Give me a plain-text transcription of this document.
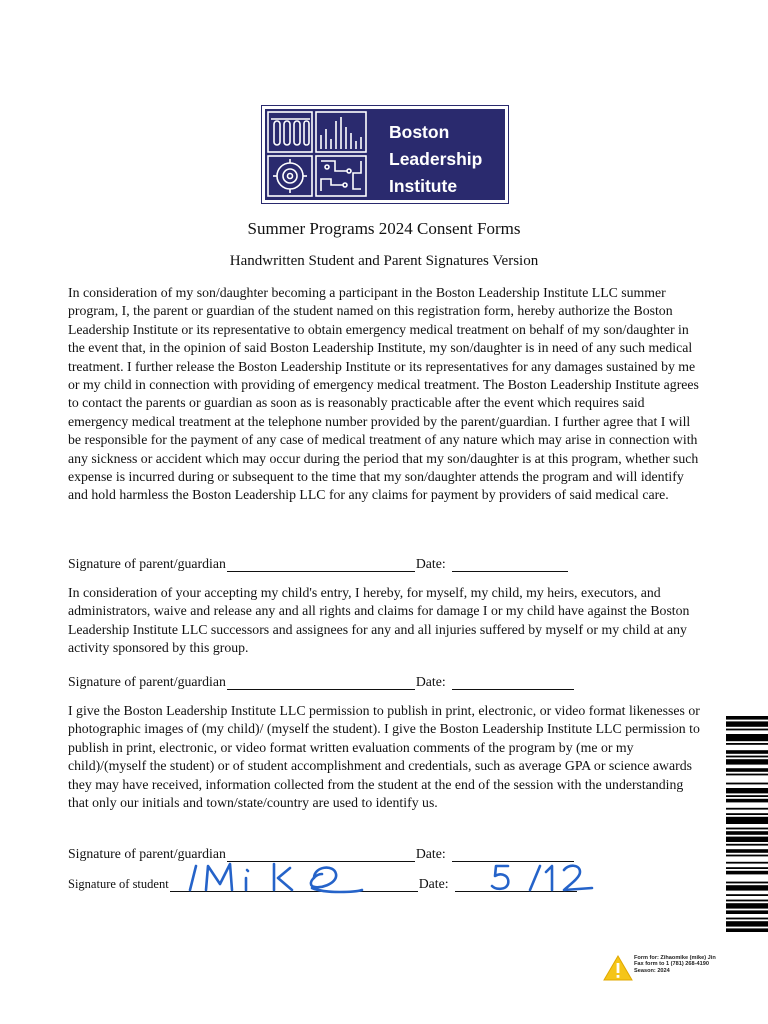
Boston
Leadership
Institute
Summer Programs 2024 Consent Forms
Handwritten Student and Parent Signatures Version

In consideration of my son/daughter becoming a participant in the Boston Leadership Institute LLC summer program, I, the parent or guardian of the student named on this registration form, hereby authorize the Boston Leadership Institute or its representative to obtain emergency medical treatment on behalf of my son/daughter in the event that, in the opinion of said Boston Leadership Institute, my son/daughter is in need of any such medical treatment. I further release the Boston Leadership Institute or its representatives for any damages sustained by me or my child in connection with providing of emergency medical treatment. The Boston Leadership Institute agrees to contact the parents or guardian as soon as is reasonably practicable after the event which requires said emergency medical treatment at the telephone number provided by the parent/guardian. I further agree that I will be responsible for the payment of any case of medical treatment of any nature which may arise in connection with any sickness or accident which may occur during the period that my son/daughter is at this program, whether such expense is incurred during or subsequent to the time that my son/daughter attends the program and will identify and hold harmless the Boston Leadership LLC for any claims for payment by providers of said medical care.

Signature of parent/guardian	Date:

In consideration of your accepting my child's entry, I hereby, for myself, my child, my heirs, executors, and administrators, waive and release any and all rights and claims for damage I or my child have against the Boston Leadership Institute LLC successors and assignees for any and all injuries suffered by myself or my child at any activity sponsored by this group.

Signature of parent/guardian	Date:

I give the Boston Leadership Institute LLC permission to publish in print, electronic, or video format likenesses or photographic images of (my child)/ (myself the student). I give the Boston Leadership Institute LLC permission to publish in print, electronic, or video format written evaluation comments of the program by (me or my child)/(myself the student) or of student accomplishment and credentials, such as average GPA or science awards they may have received, information collected from the student at the end of the session with the understanding that only our initials and town/state/country are used to identify us.

Signature of parent/guardian	Date:
Signature of student	Date:
Form for: Zihaomike (mike) Jin
Fax form to 1 (781) 268-4190
Season: 2024
